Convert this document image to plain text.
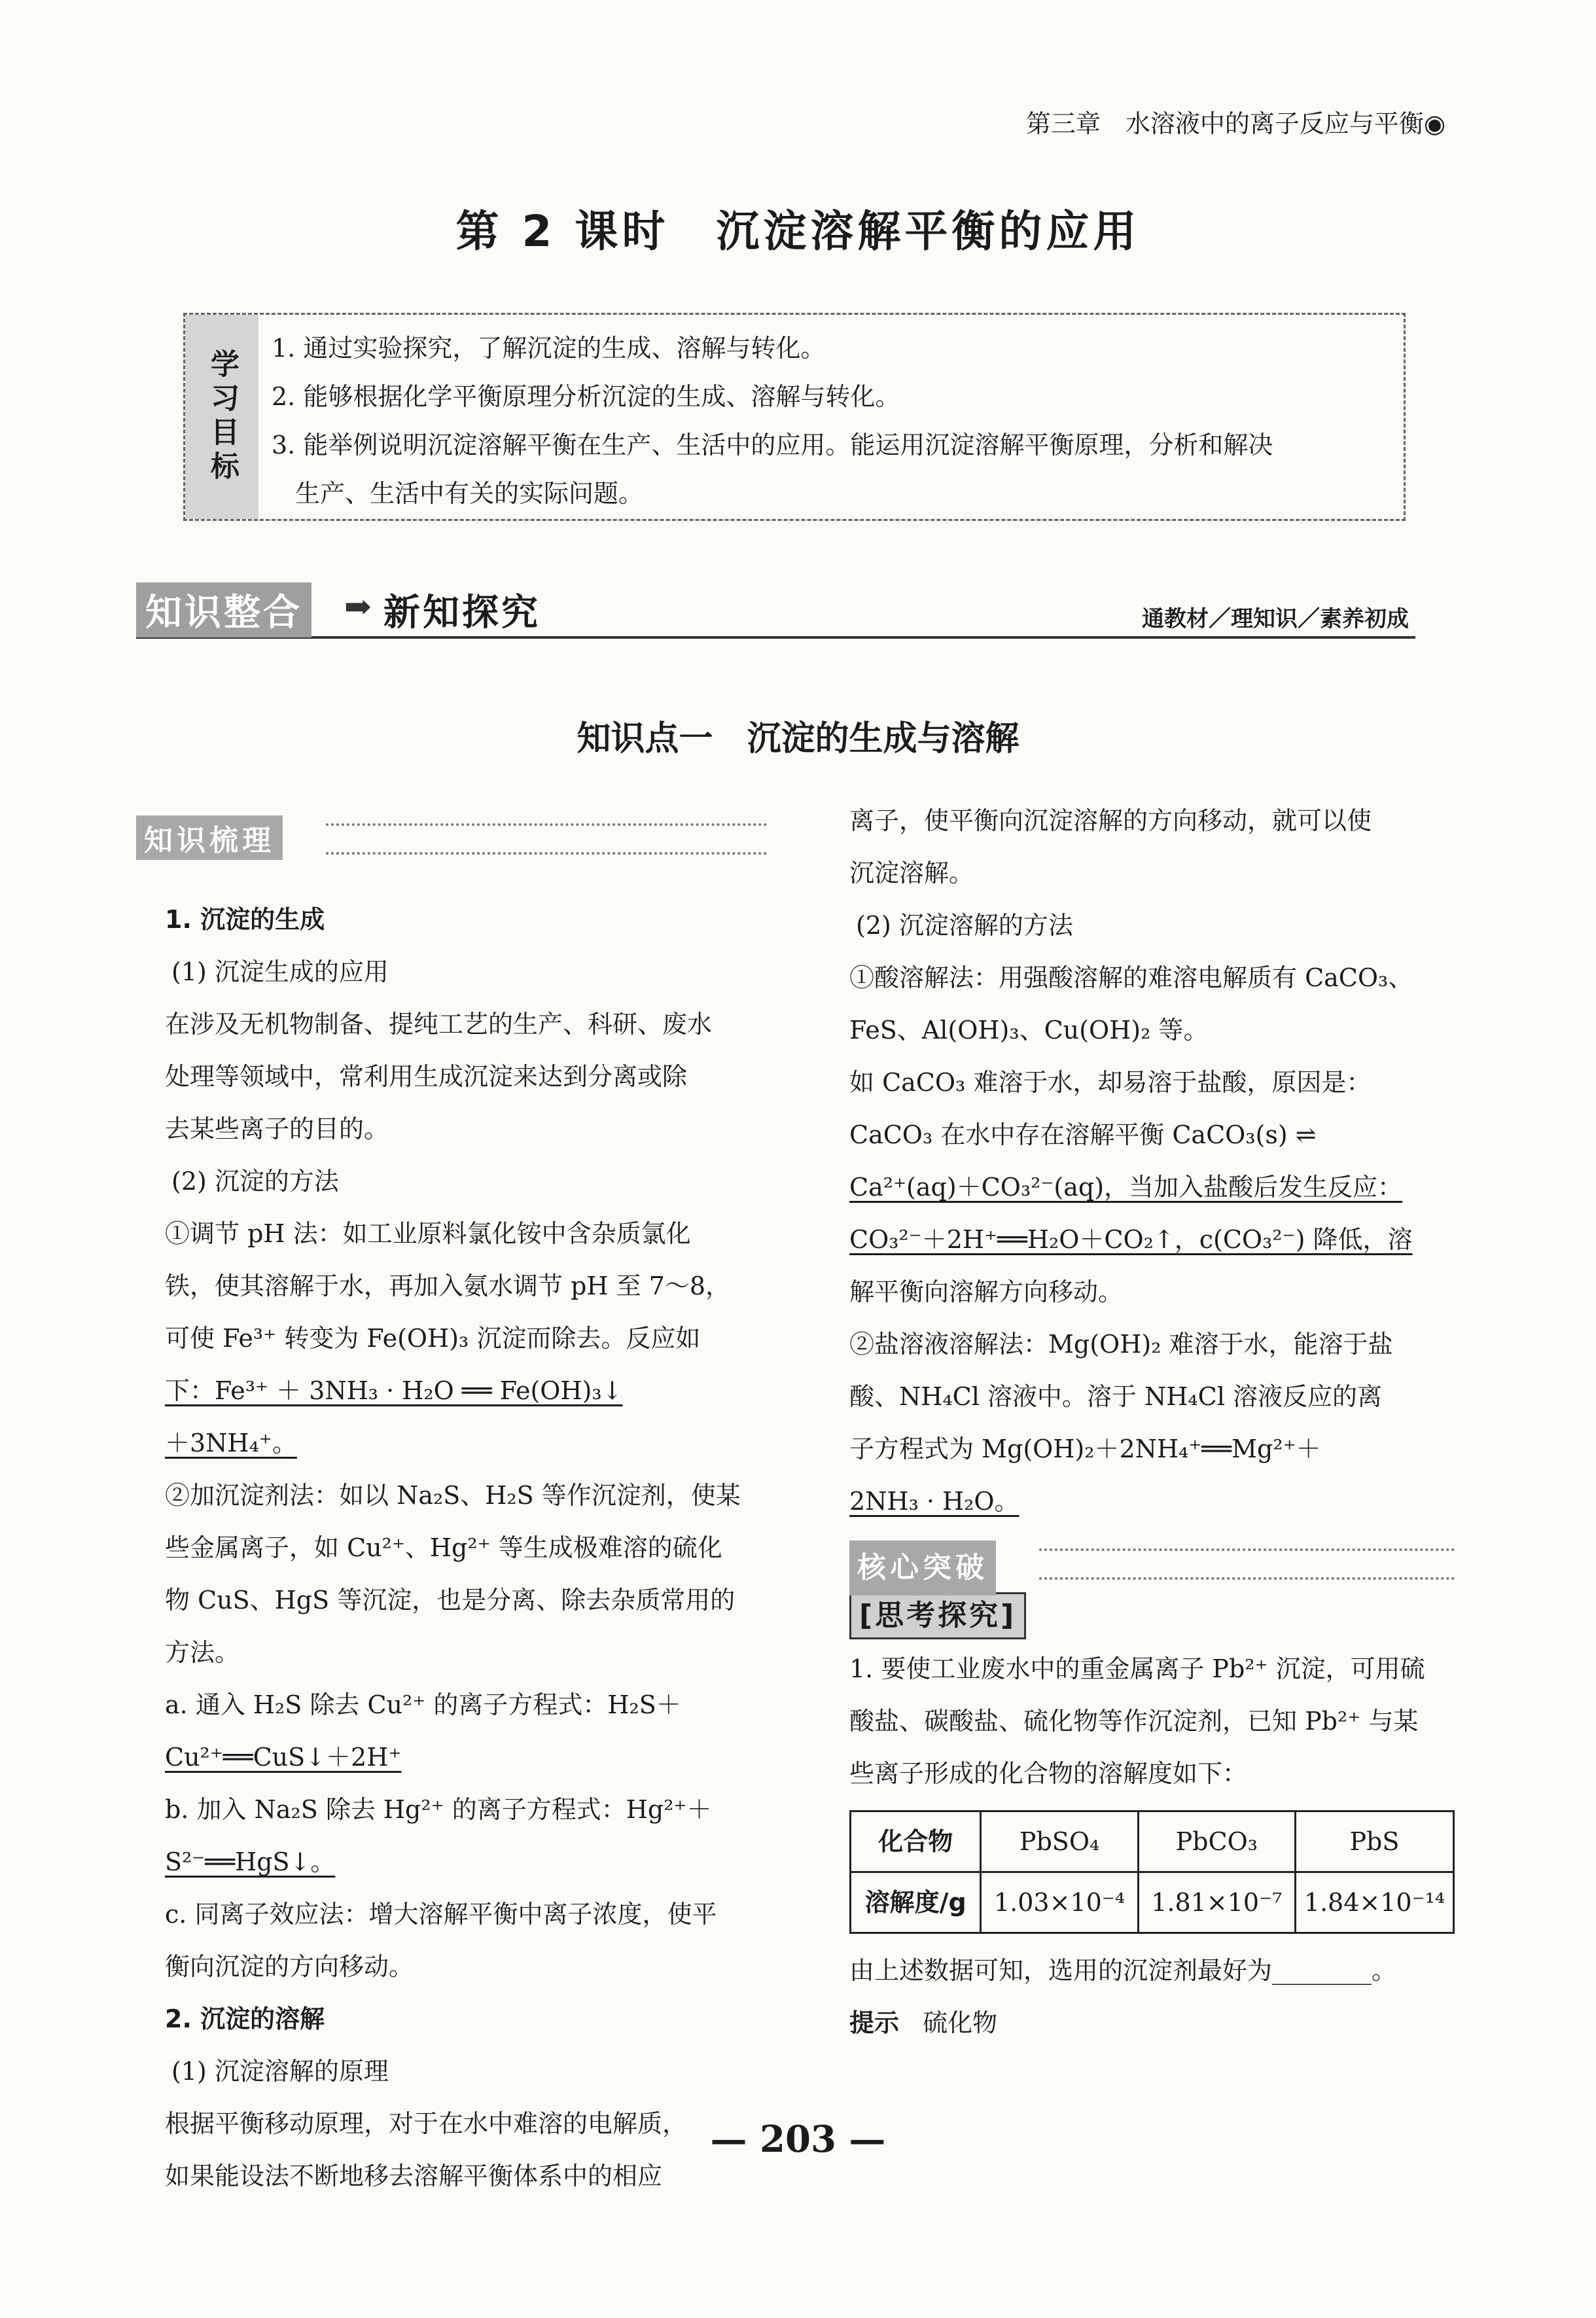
第三章　水溶液中的离子反应与平衡◉
第 2 课时　沉淀溶解平衡的应用
学习目标
1. 通过实验探究，了解沉淀的生成、溶解与转化。
2. 能够根据化学平衡原理分析沉淀的生成、溶解与转化。
3. 能举例说明沉淀溶解平衡在生产、生活中的应用。能运用沉淀溶解平衡原理，分析和解决
生产、生活中有关的实际问题。
知识整合 ➡ 新知探究	通教材／理知识／素养初成
知识点一　沉淀的生成与溶解
知识梳理
1. 沉淀的生成
(1) 沉淀生成的应用
在涉及无机物制备、提纯工艺的生产、科研、废水
处理等领域中，常利用生成沉淀来达到分离或除
去某些离子的目的。
(2) 沉淀的方法
①调节 pH 法：如工业原料氯化铵中含杂质氯化
铁，使其溶解于水，再加入氨水调节 pH 至 7～8，
可使 Fe³⁺ 转变为 Fe(OH)₃ 沉淀而除去。反应如
下：Fe³⁺ ＋ 3NH₃ · H₂O ══ Fe(OH)₃↓
＋3NH₄⁺。
②加沉淀剂法：如以 Na₂S、H₂S 等作沉淀剂，使某
些金属离子，如 Cu²⁺、Hg²⁺ 等生成极难溶的硫化
物 CuS、HgS 等沉淀，也是分离、除去杂质常用的
方法。
a. 通入 H₂S 除去 Cu²⁺ 的离子方程式：H₂S＋
Cu²⁺══CuS↓＋2H⁺
b. 加入 Na₂S 除去 Hg²⁺ 的离子方程式：Hg²⁺＋
S²⁻══HgS↓。
c. 同离子效应法：增大溶解平衡中离子浓度，使平
衡向沉淀的方向移动。
2. 沉淀的溶解
(1) 沉淀溶解的原理
根据平衡移动原理，对于在水中难溶的电解质，
如果能设法不断地移去溶解平衡体系中的相应
离子，使平衡向沉淀溶解的方向移动，就可以使
沉淀溶解。
(2) 沉淀溶解的方法
①酸溶解法：用强酸溶解的难溶电解质有 CaCO₃、
FeS、Al(OH)₃、Cu(OH)₂ 等。
如 CaCO₃ 难溶于水，却易溶于盐酸，原因是：
CaCO₃ 在水中存在溶解平衡 CaCO₃(s) ⇌
Ca²⁺(aq)＋CO₃²⁻(aq)，当加入盐酸后发生反应：
CO₃²⁻＋2H⁺══H₂O＋CO₂↑，c(CO₃²⁻) 降低，溶
解平衡向溶解方向移动。
②盐溶液溶解法：Mg(OH)₂ 难溶于水，能溶于盐
酸、NH₄Cl 溶液中。溶于 NH₄Cl 溶液反应的离
子方程式为 Mg(OH)₂＋2NH₄⁺══Mg²⁺＋
2NH₃ · H₂O。
核心突破
[思考探究]
1. 要使工业废水中的重金属离子 Pb²⁺ 沉淀，可用硫
酸盐、碳酸盐、硫化物等作沉淀剂，已知 Pb²⁺ 与某
些离子形成的化合物的溶解度如下：
化合物	PbSO₄	PbCO₃	PbS
溶解度/g	1.03×10⁻⁴	1.81×10⁻⁷	1.84×10⁻¹⁴
由上述数据可知，选用的沉淀剂最好为________。
提示 硫化物
— 203 —
